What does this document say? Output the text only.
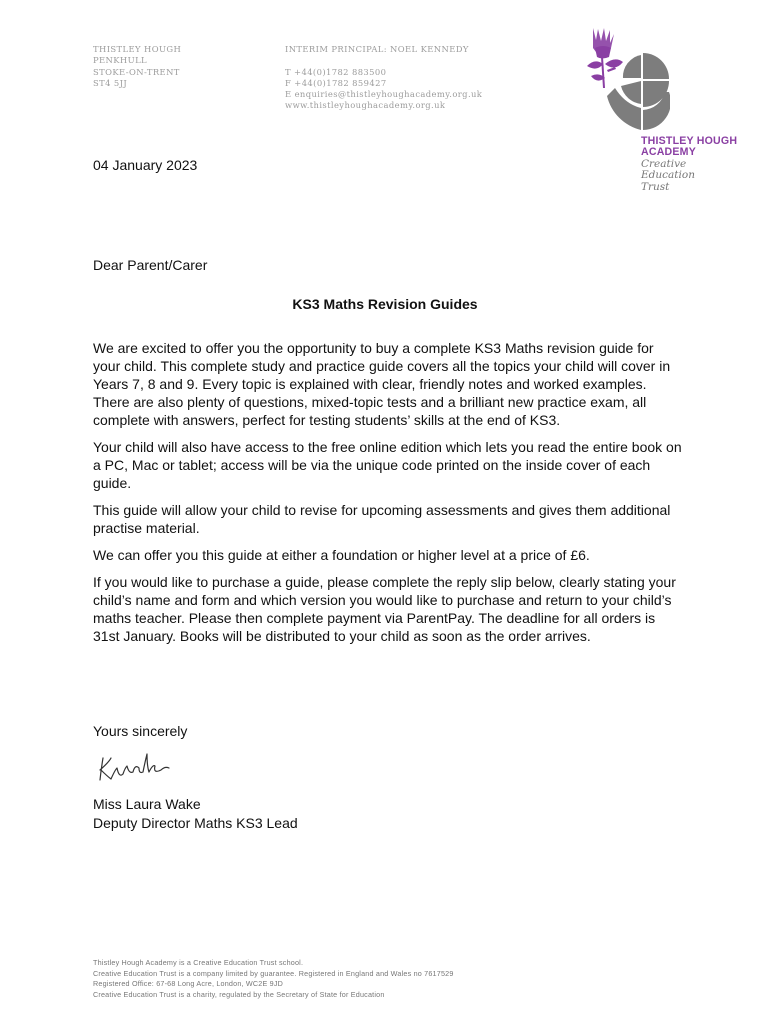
THISTLEY HOUGH
PENKHULL
STOKE-ON-TRENT
ST4 5JJ
INTERIM PRINCIPAL: NOEL KENNEDY
T +44(0)1782 883500
F +44(0)1782 859427
E enquiries@thistleyhoughacademy.org.uk
www.thistleyhoughacademy.org.uk
THISTLEY HOUGH
ACADEMY
Creative
Education
Trust
04 January 2023
Dear Parent/Carer
KS3 Maths Revision Guides

We are excited to offer you the opportunity to buy a complete KS3 Maths revision guide for your child. This complete study and practice guide covers all the topics your child will cover in Years 7, 8 and 9. Every topic is explained with clear, friendly notes and worked examples. There are also plenty of questions, mixed-topic tests and a brilliant new practice exam, all complete with answers, perfect for testing students’ skills at the end of KS3.

Your child will also have access to the free online edition which lets you read the entire book on a PC, Mac or tablet; access will be via the unique code printed on the inside cover of each guide.

This guide will allow your child to revise for upcoming assessments and gives them additional practise material.

We can offer you this guide at either a foundation or higher level at a price of £6.

If you would like to purchase a guide, please complete the reply slip below, clearly stating your child’s name and form and which version you would like to purchase and return to your child’s maths teacher. Please then complete payment via ParentPay. The deadline for all orders is 31st January. Books will be distributed to your child as soon as the order arrives.

Yours sincerely
Miss Laura Wake
Deputy Director Maths KS3 Lead
Thistley Hough Academy is a Creative Education Trust school.
Creative Education Trust is a company limited by guarantee. Registered in England and Wales no 7617529
Registered Office: 67-68 Long Acre, London, WC2E 9JD
Creative Education Trust is a charity, regulated by the Secretary of State for Education
